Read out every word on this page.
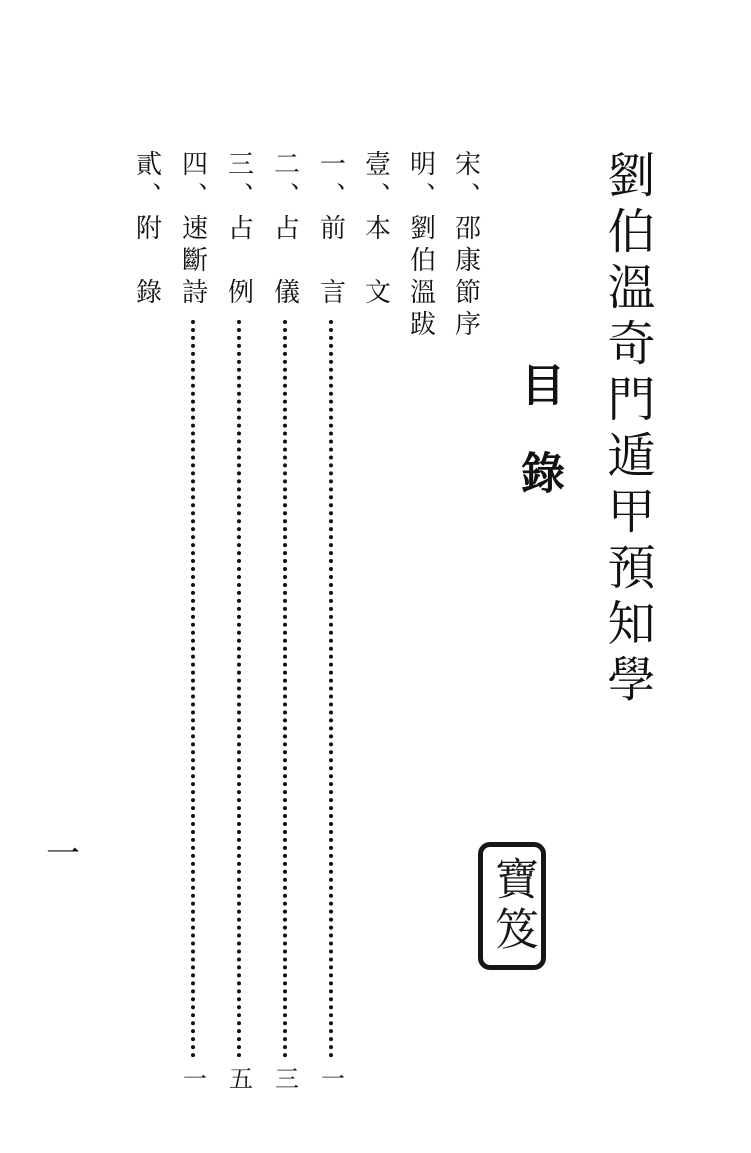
劉伯溫奇門遁甲預知學
目錄
宋、邵康節序
明、劉伯溫跋
壹、本　文
一、前　言
一
二、占　儀
三
三、占　例
五
四、速斷詩
一
貳、附　錄
一
寶笈
